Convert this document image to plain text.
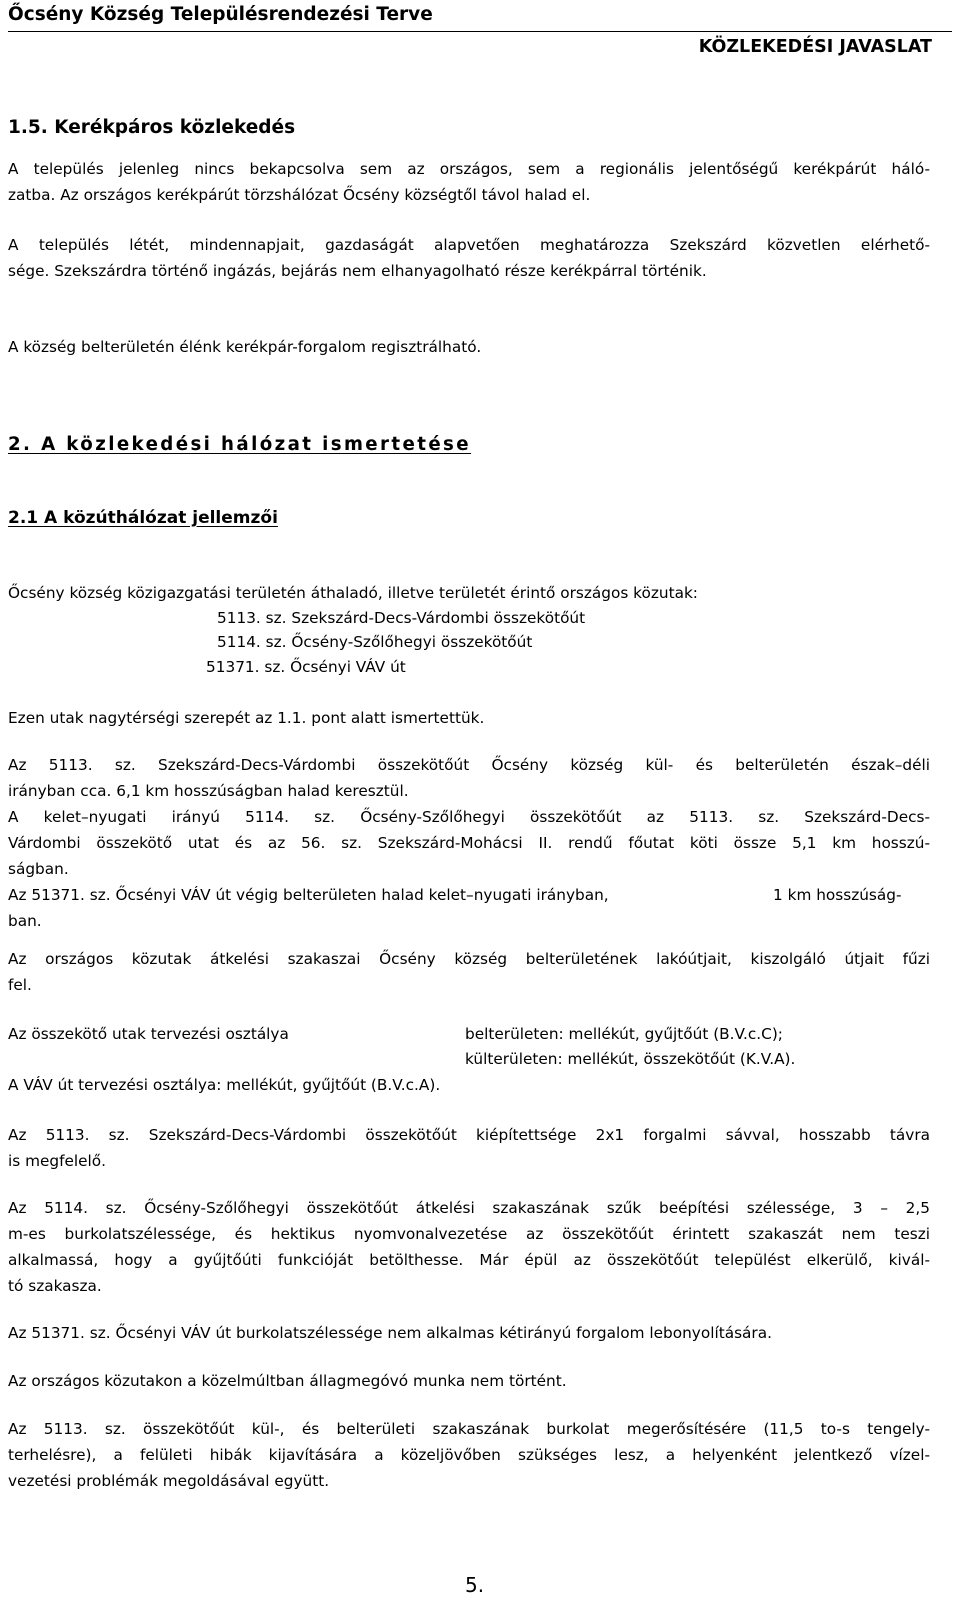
Őcsény Község Településrendezési Terve
KÖZLEKEDÉSI JAVASLAT
1.5. Kerékpáros közlekedés
A település jelenleg nincs bekapcsolva sem az országos, sem a regionális jelentőségű kerékpárút háló-
zatba. Az országos kerékpárút törzshálózat Őcsény községtől távol halad el.
A település létét, mindennapjait, gazdaságát alapvetően meghatározza Szekszárd közvetlen elérhető-
sége. Szekszárdra történő ingázás, bejárás nem elhanyagolható része kerékpárral történik.
A község belterületén élénk kerékpár-forgalom regisztrálható.
2. A közlekedési hálózat ismertetése
2.1 A közúthálózat jellemzői
Őcsény község közigazgatási területén áthaladó, illetve területét érintő országos közutak:
5113. sz. Szekszárd-Decs-Várdombi összekötőút
5114. sz. Őcsény-Szőlőhegyi összekötőút
51371. sz. Őcsényi VÁV út
Ezen utak nagytérségi szerepét az 1.1. pont alatt ismertettük.
Az 5113. sz. Szekszárd-Decs-Várdombi összekötőút Őcsény község kül- és belterületén észak–déli
irányban cca. 6,1 km hosszúságban halad keresztül.
A kelet–nyugati irányú 5114. sz. Őcsény-Szőlőhegyi összekötőút az 5113. sz. Szekszárd-Decs-
Várdombi összekötő utat és az 56. sz. Szekszárd-Mohácsi II. rendű főutat köti össze 5,1 km hosszú-
ságban.
Az 51371. sz. Őcsényi VÁV út végig belterületen halad kelet–nyugati irányban,	1 km hosszúság-
ban.
Az országos közutak átkelési szakaszai Őcsény község belterületének lakóútjait, kiszolgáló útjait fűzi
fel.
Az összekötő utak tervezési osztálya	belterületen: mellékút, gyűjtőút (B.V.c.C);
külterületen: mellékút, összekötőút (K.V.A).
A VÁV út tervezési osztálya: mellékút, gyűjtőút (B.V.c.A).
Az 5113. sz. Szekszárd-Decs-Várdombi összekötőút kiépítettsége 2x1 forgalmi sávval, hosszabb távra
is megfelelő.
Az 5114. sz. Őcsény-Szőlőhegyi összekötőút átkelési szakaszának szűk beépítési szélessége, 3 – 2,5
m-es burkolatszélessége, és hektikus nyomvonalvezetése az összekötőút érintett szakaszát nem teszi
alkalmassá, hogy a gyűjtőúti funkcióját betölthesse. Már épül az összekötőút települést elkerülő, kivál-
tó szakasza.
Az 51371. sz. Őcsényi VÁV út burkolatszélessége nem alkalmas kétirányú forgalom lebonyolítására.
Az országos közutakon a közelmúltban állagmegóvó munka nem történt.
Az 5113. sz. összekötőút kül-, és belterületi szakaszának burkolat megerősítésére (11,5 to-s tengely-
terhelésre), a felületi hibák kijavítására a közeljövőben szükséges lesz, a helyenként jelentkező vízel-
vezetési problémák megoldásával együtt.
5.
